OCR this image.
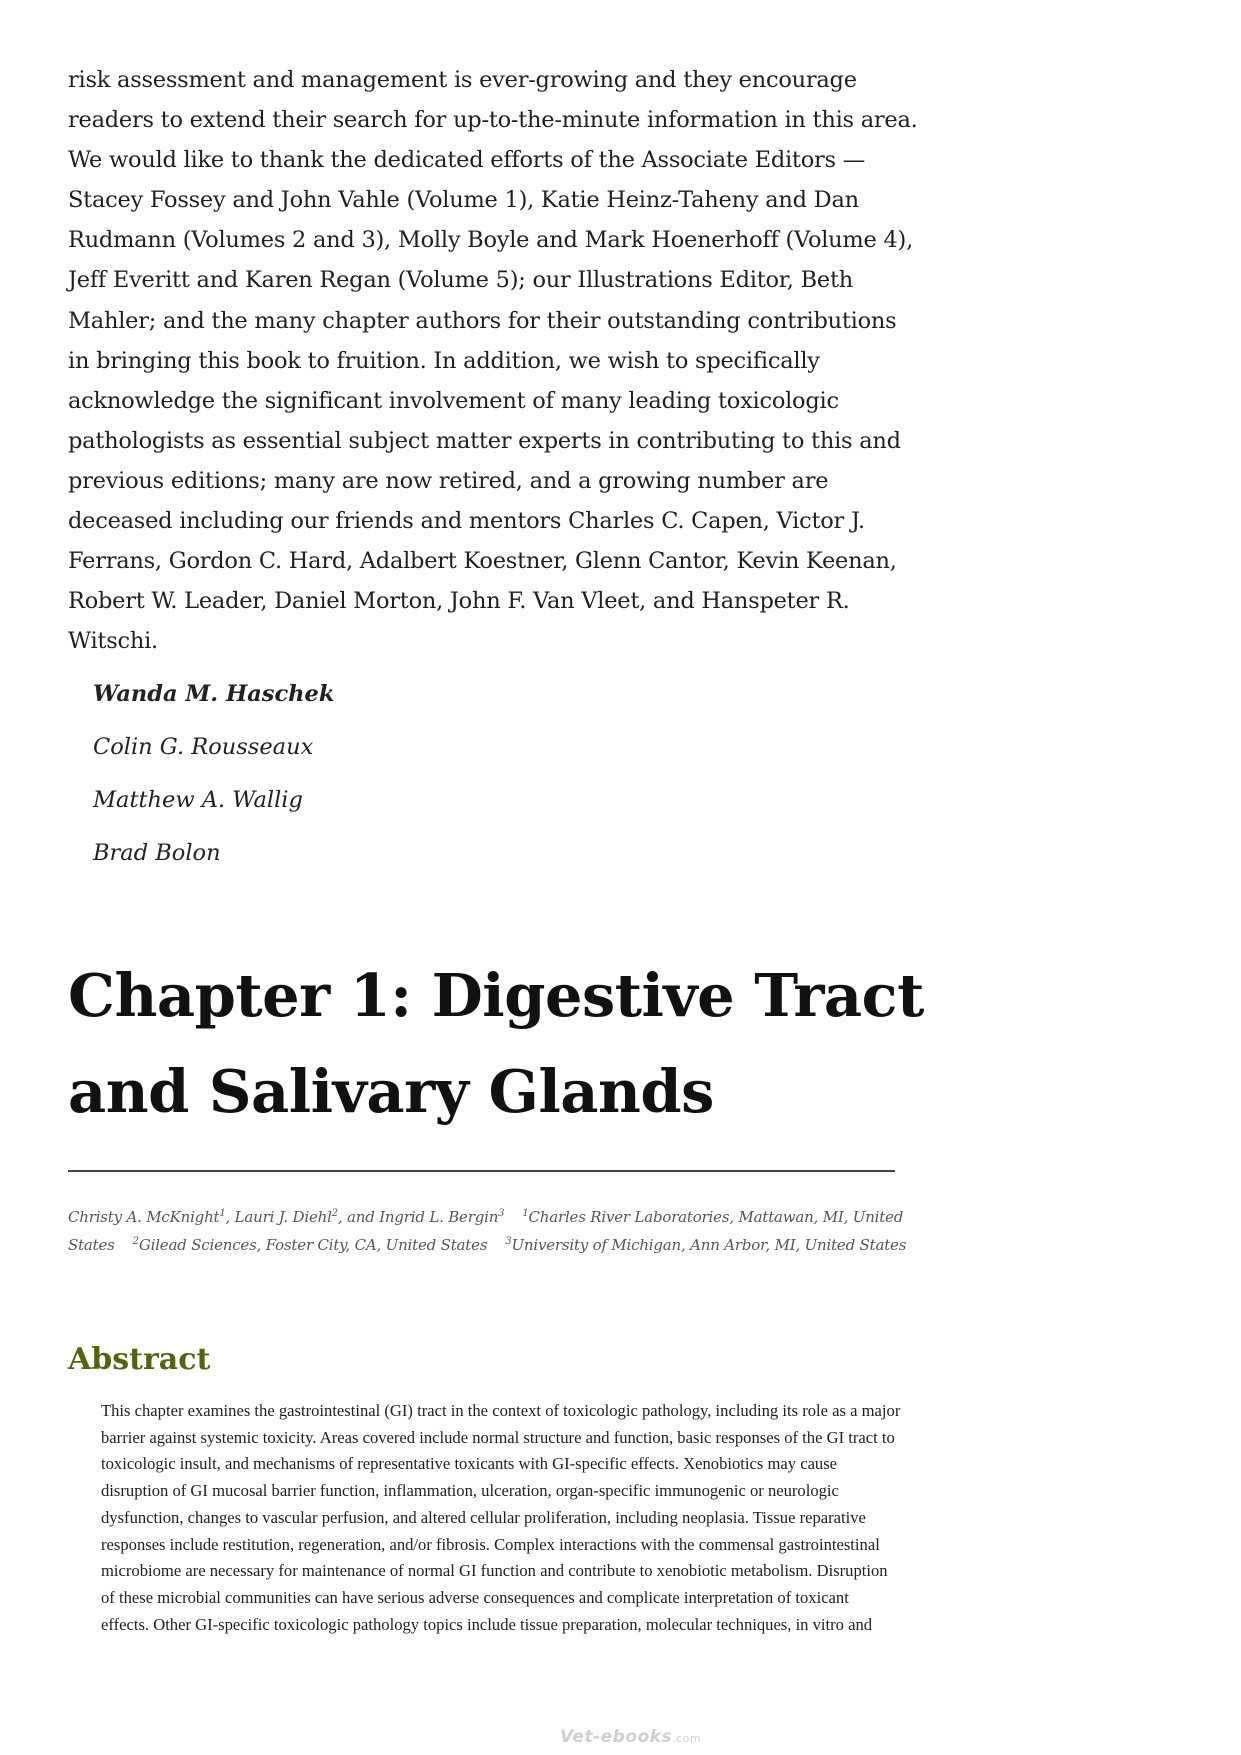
risk assessment and management is ever-growing and they encourage readers to extend their search for up-to-the-minute information in this area. We would like to thank the dedicated efforts of the Associate Editors —Stacey Fossey and John Vahle (Volume 1), Katie Heinz-Taheny and Dan Rudmann (Volumes 2 and 3), Molly Boyle and Mark Hoenerhoff (Volume 4), Jeff Everitt and Karen Regan (Volume 5); our Illustrations Editor, Beth Mahler; and the many chapter authors for their outstanding contributions in bringing this book to fruition. In addition, we wish to specifically acknowledge the significant involvement of many leading toxicologic pathologists as essential subject matter experts in contributing to this and previous editions; many are now retired, and a growing number are deceased including our friends and mentors Charles C. Capen, Victor J. Ferrans, Gordon C. Hard, Adalbert Koestner, Glenn Cantor, Kevin Keenan, Robert W. Leader, Daniel Morton, John F. Van Vleet, and Hanspeter R. Witschi.

Wanda M. Haschek
Colin G. Rousseaux
Matthew A. Wallig
Brad Bolon
Chapter 1: Digestive Tract
and Salivary Glands

Christy A. McKnight$^1$, Lauri J. Diehl$^2$, and Ingrid L. Bergin$^3$ $^1$Charles River Laboratories, Mattawan, MI, United States $^2$Gilead Sciences, Foster City, CA, United States $^3$University of Michigan, Ann Arbor, MI, United States

Abstract

This chapter examines the gastrointestinal (GI) tract in the context of toxicologic pathology, including its role as a major barrier against systemic toxicity. Areas covered include normal structure and function, basic responses of the GI tract to toxicologic insult, and mechanisms of representative toxicants with GI-specific effects. Xenobiotics may cause disruption of GI mucosal barrier function, inflammation, ulceration, organ-specific immunogenic or neurologic dysfunction, changes to vascular perfusion, and altered cellular proliferation, including neoplasia. Tissue reparative responses include restitution, regeneration, and/or fibrosis. Complex interactions with the commensal gastrointestinal microbiome are necessary for maintenance of normal GI function and contribute to xenobiotic metabolism. Disruption of these microbial communities can have serious adverse consequences and complicate interpretation of toxicant effects. Other GI-specific toxicologic pathology topics include tissue preparation, molecular techniques, in vitro and

Vet-ebooks.com
